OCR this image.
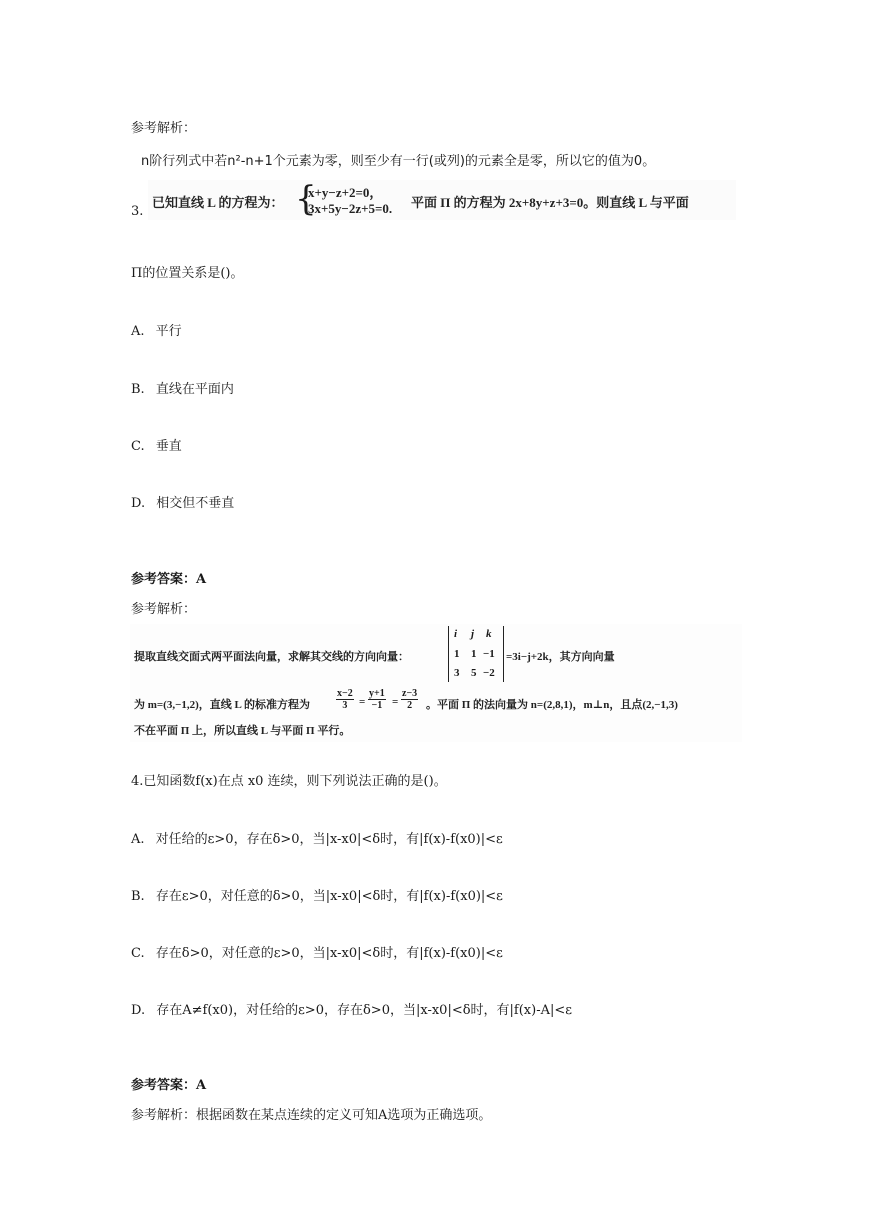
参考解析：
n阶行列式中若n²-n+1个元素为零，则至少有一行(或列)的元素全是零，所以它的值为0。
3.
已知直线 L 的方程为： {
x+y−z+2=0，
3x+5y−2z+5=0. 平面 Π 的方程为 2x+8y+z+3=0。则直线 L 与平面
Π的位置关系是()。
A. 平行
B. 直线在平面内
C. 垂直
D. 相交但不垂直
参考答案：A
参考解析：
提取直线交面式两平面法向量，求解其交线的方向向量：
i j k
1 1 −1
3 5 −2
=3i−j+2k，其方向向量
为 m=(3,−1,2)，直线 L 的标准方程为	$\frac{x-2}{3} = \frac{y+1}{-1} = \frac{z-3}{2}$ 。平面 Π 的法向量为 n=(2,8,1)，m⊥n，且点(2,−1,3)
不在平面 Π 上，所以直线 L 与平面 Π 平行。
4.已知函数f(x)在点 x0 连续，则下列说法正确的是()。
A. 对任给的ε>0，存在δ>0，当|x-x0|<δ时，有|f(x)-f(x0)|<ε
B. 存在ε>0，对任意的δ>0，当|x-x0|<δ时，有|f(x)-f(x0)|<ε
C. 存在δ>0，对任意的ε>0，当|x-x0|<δ时，有|f(x)-f(x0)|<ε
D. 存在A≠f(x0)，对任给的ε>0，存在δ>0，当|x-x0|<δ时，有|f(x)-A|<ε
参考答案：A
参考解析：根据函数在某点连续的定义可知A选项为正确选项。
